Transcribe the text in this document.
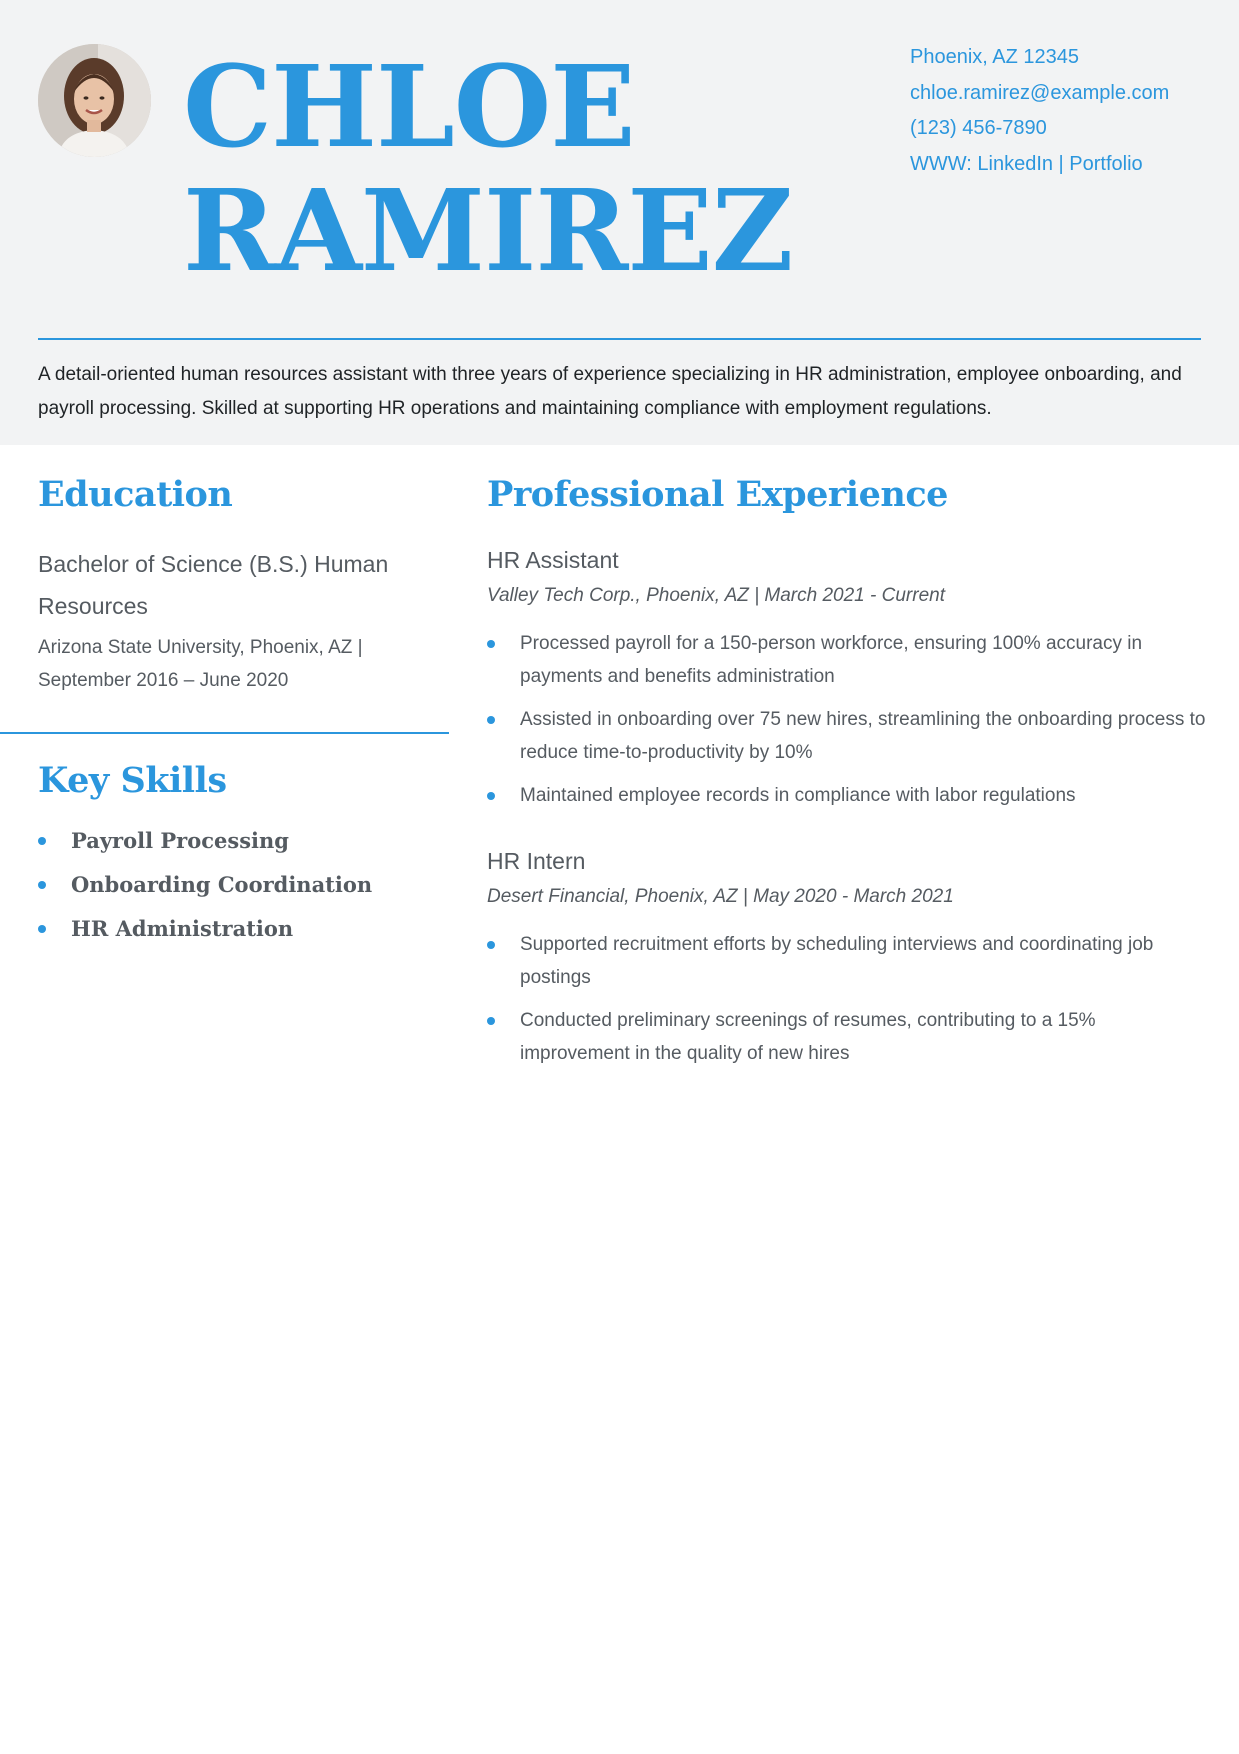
CHLOE
RAMIREZ
Phoenix, AZ 12345
chloe.ramirez@example.com
(123) 456-7890
WWW: LinkedIn | Portfolio

A detail-oriented human resources assistant with three years of experience specializing in HR administration, employee onboarding, and payroll processing. Skilled at supporting HR operations and maintaining compliance with employment regulations.

Education
Bachelor of Science (B.S.) Human Resources
Arizona State University, Phoenix, AZ | September 2016 – June 2020
Key Skills
Payroll Processing
Onboarding Coordination
HR Administration
Professional Experience
HR Assistant
Valley Tech Corp., Phoenix, AZ | March 2021 - Current
Processed payroll for a 150-person workforce, ensuring 100% accuracy in payments and benefits administration
Assisted in onboarding over 75 new hires, streamlining the onboarding process to reduce time-to-productivity by 10%
Maintained employee records in compliance with labor regulations
HR Intern
Desert Financial, Phoenix, AZ | May 2020 - March 2021
Supported recruitment efforts by scheduling interviews and coordinating job postings
Conducted preliminary screenings of resumes, contributing to a 15% improvement in the quality of new hires
